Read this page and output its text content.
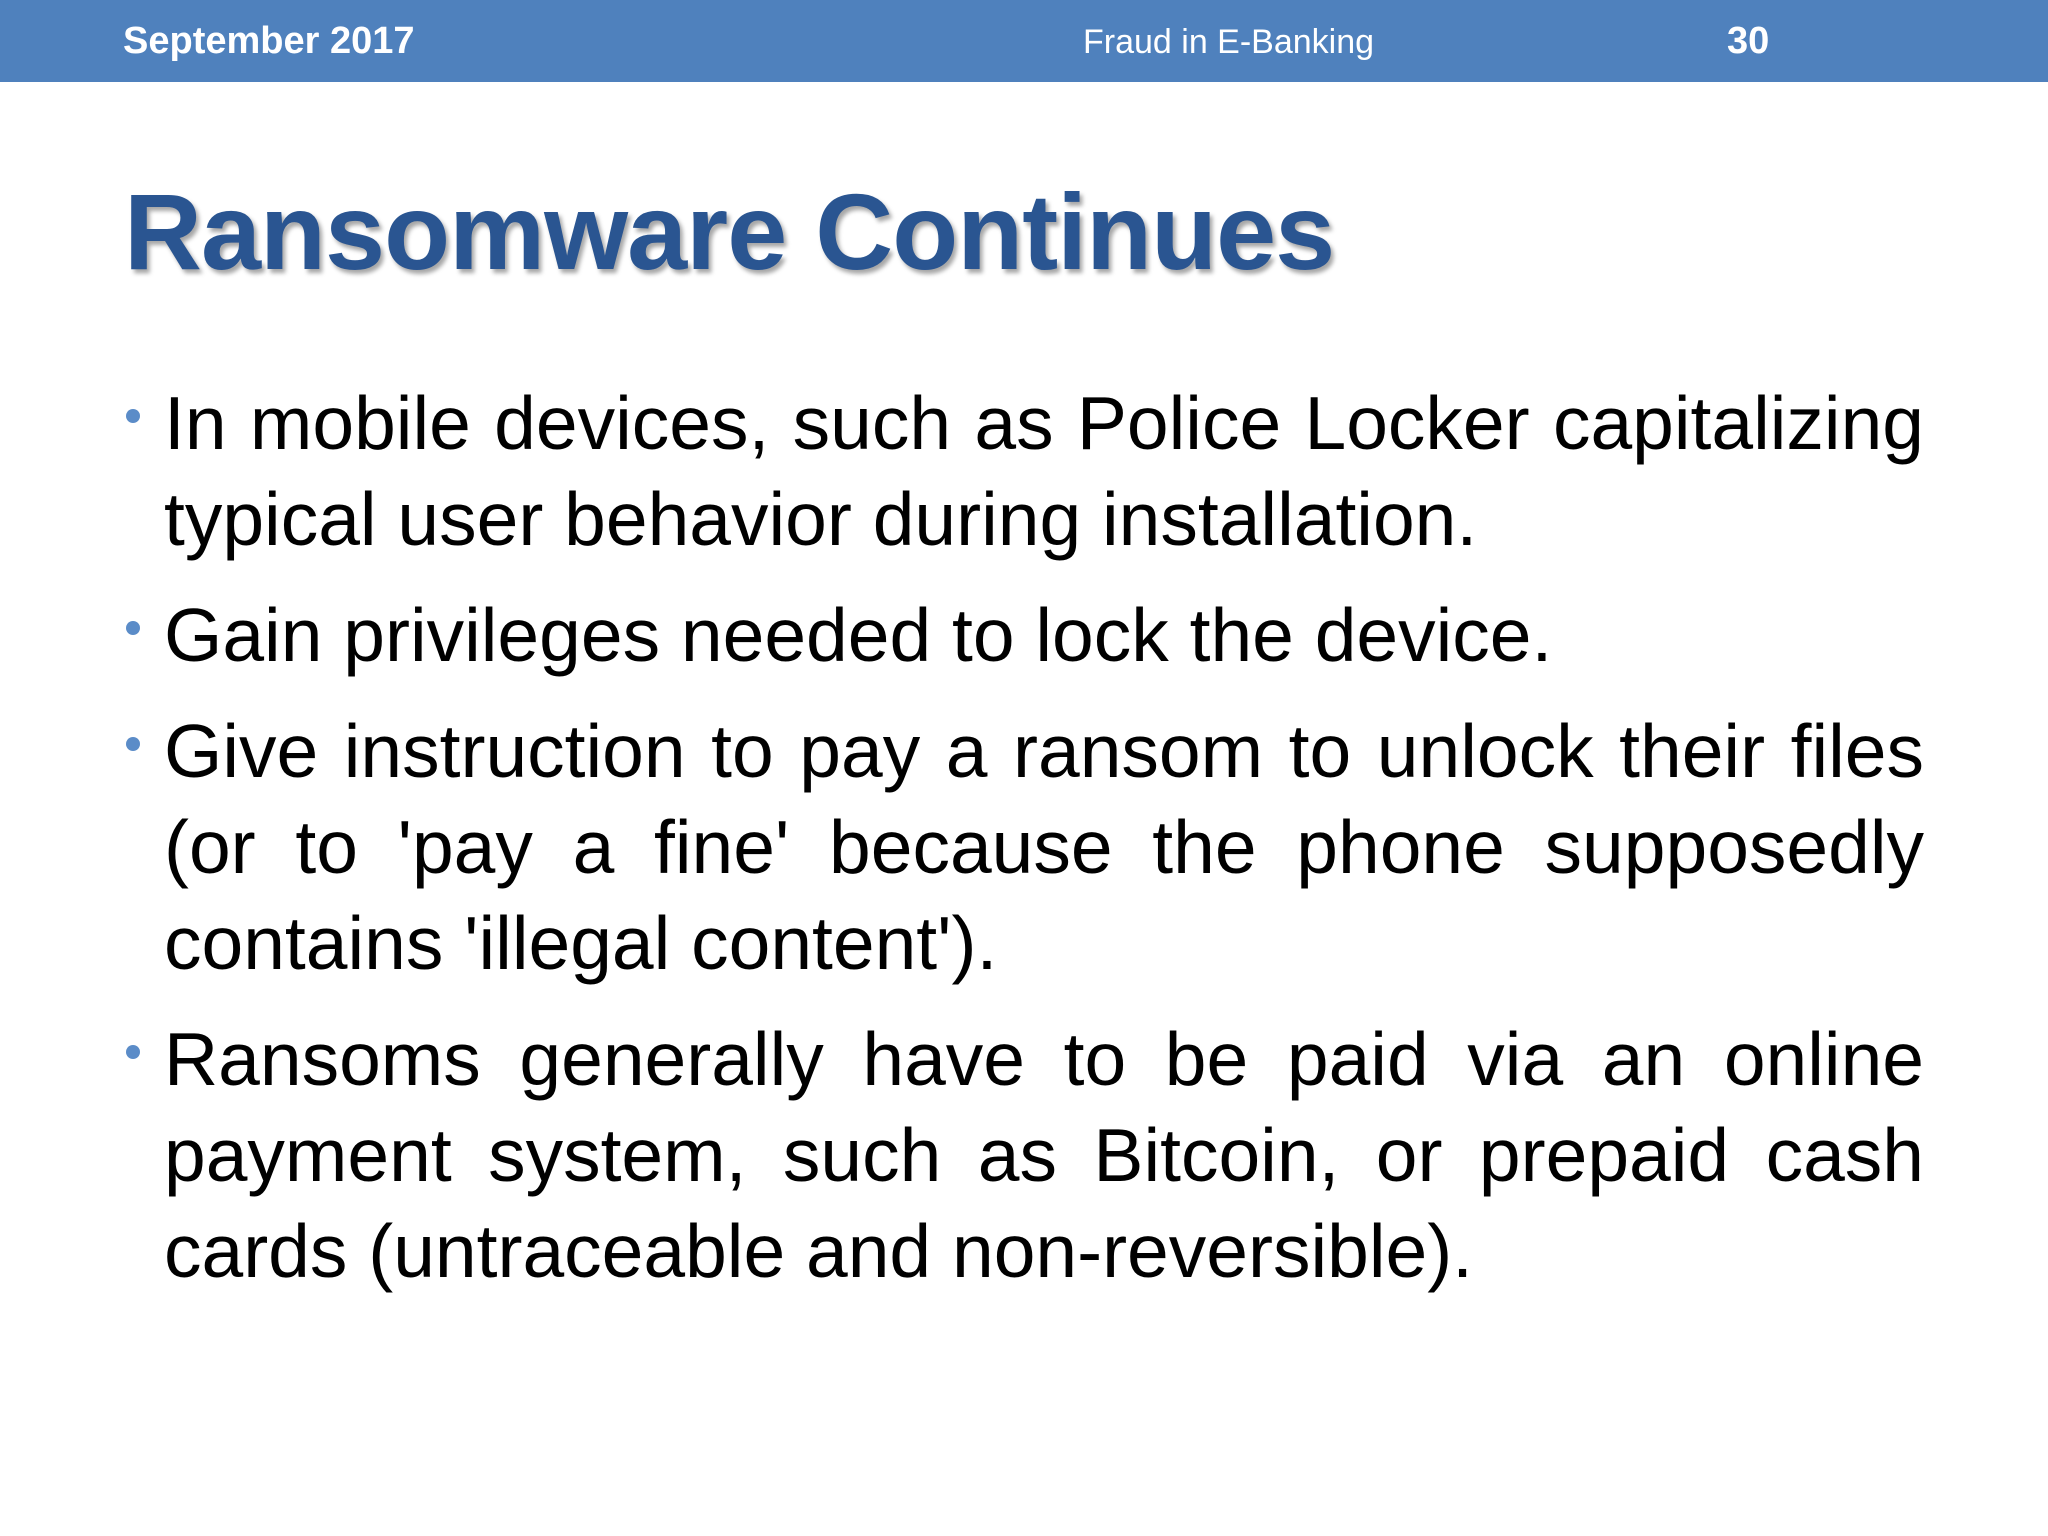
September 2017	Fraud in E-Banking	30
Ransomware Continues
In mobile devices, such as Police Locker capitalizing typical user behavior during installation.
Gain privileges needed to lock the device.
Give instruction to pay a ransom to unlock their files (or to 'pay a fine' because the phone supposedly contains 'illegal content').
Ransoms generally have to be paid via an online payment system, such as Bitcoin, or prepaid cash cards (untraceable and non-reversible).
